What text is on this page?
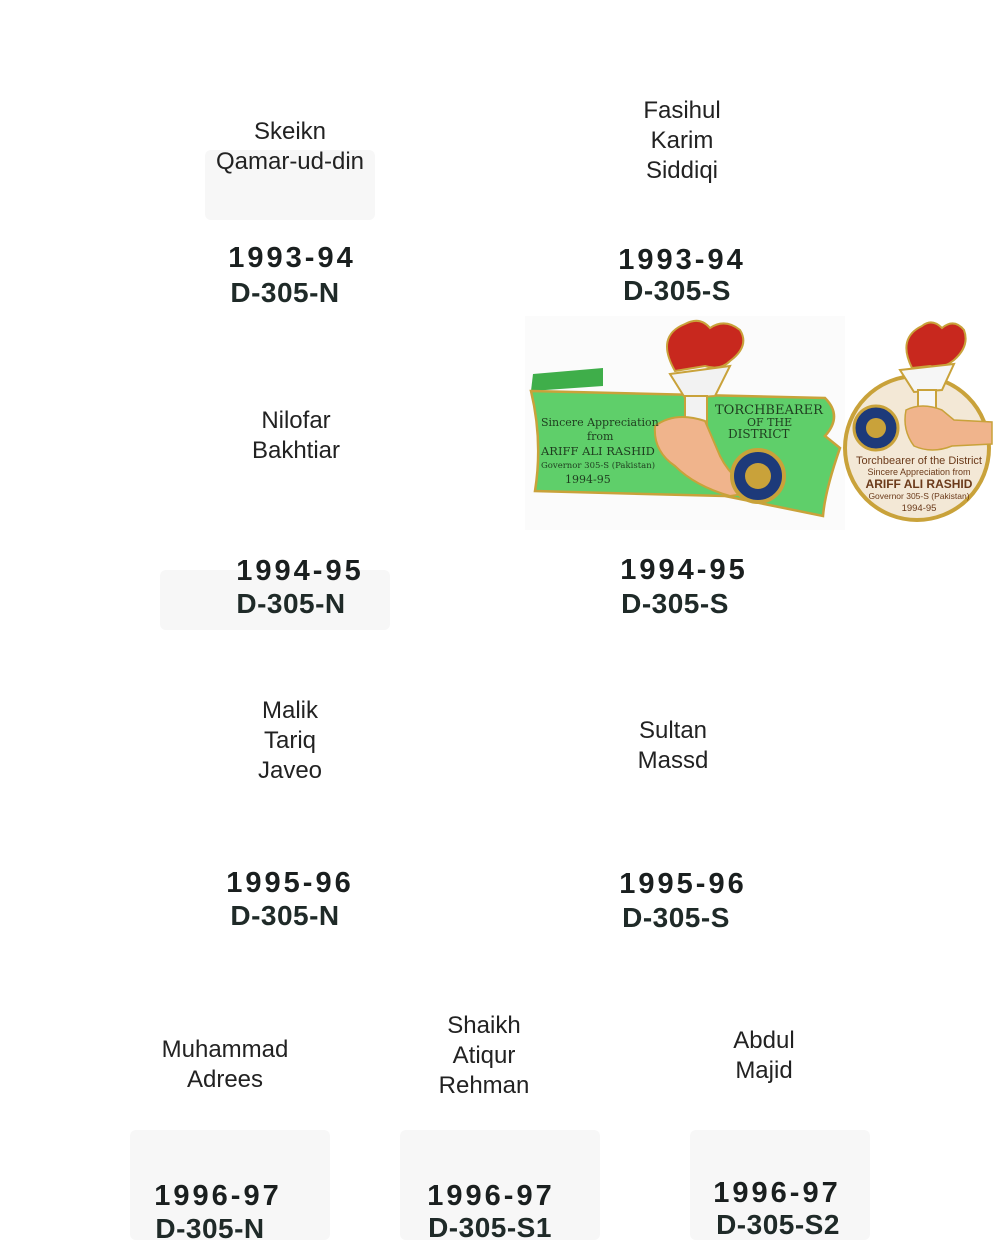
Skeikn
Qamar-ud-din
1993-94
D-305-N
Fasihul
Karim
Siddiqi
1993-94
D-305-S
Nilofar
Bakhtiar
1994-95
D-305-N
Sincere Appreciation
from
ARIFF ALI RASHID
Governor 305-S (Pakistan)
1994-95
TORCHBEARER
OF THE
DISTRICT
Torchbearer of the District
Sincere Appreciation from
ARIFF ALI RASHID
Governor 305-S (Pakistan)
1994-95
1994-95
D-305-S
Malik
Tariq
Javeo
1995-96
D-305-N
Sultan
Massd
1995-96
D-305-S
Muhammad
Adrees
1996-97
D-305-N
Shaikh
Atiqur
Rehman
1996-97
D-305-S1
Abdul
Majid
1996-97
D-305-S2
